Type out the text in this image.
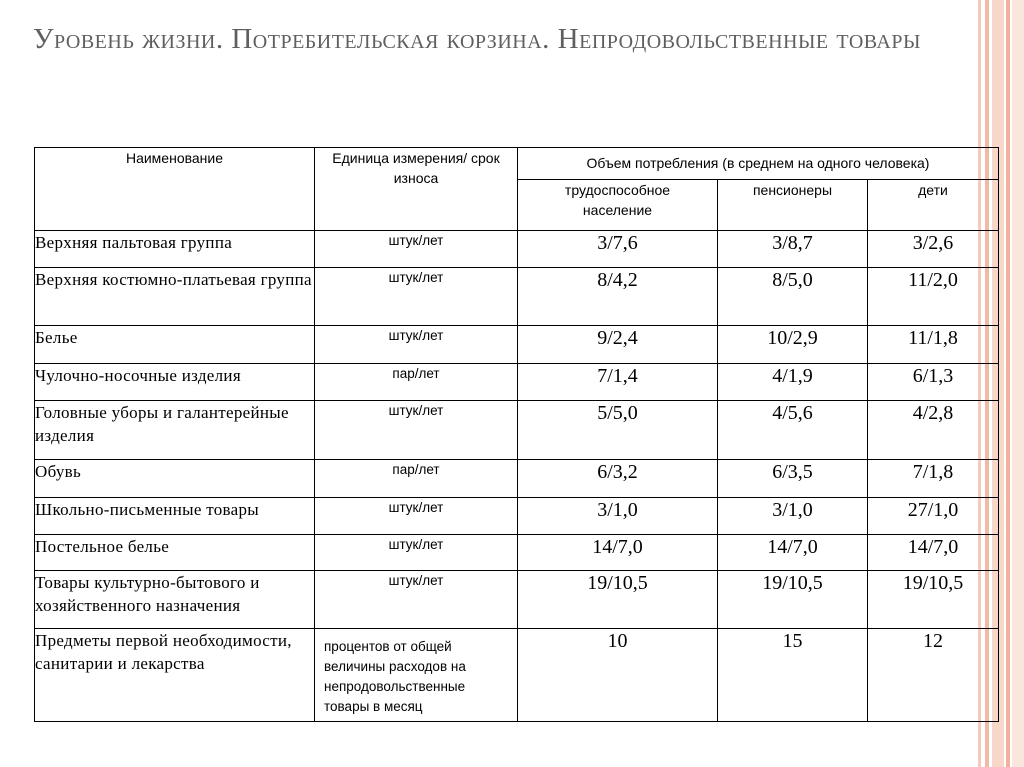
Уровень жизни. Потребительская корзина. Непродовольственные товары
Наименование	Единица измерения/ срок износа	Объем потребления (в среднем на одного человека)		
		трудоспособное население	пенсионеры	дети
Верхняя пальтовая группа	штук/лет	3/7,6	3/8,7	3/2,6
Верхняя костюмно-платьевая группа	штук/лет	8/4,2	8/5,0	11/2,0
Белье	штук/лет	9/2,4	10/2,9	11/1,8
Чулочно-носочные изделия	пар/лет	7/1,4	4/1,9	6/1,3
Головные уборы и галантерейные изделия	штук/лет	5/5,0	4/5,6	4/2,8
Обувь	пар/лет	6/3,2	6/3,5	7/1,8
Школьно-письменные товары	штук/лет	3/1,0	3/1,0	27/1,0
Постельное белье	штук/лет	14/7,0	14/7,0	14/7,0
Товары культурно-бытового и хозяйственного назначения	штук/лет	19/10,5	19/10,5	19/10,5
Предметы первой необходимости, санитарии и лекарства	процентов от общей величины расходов на непродовольственные товары в месяц	10	15	12
